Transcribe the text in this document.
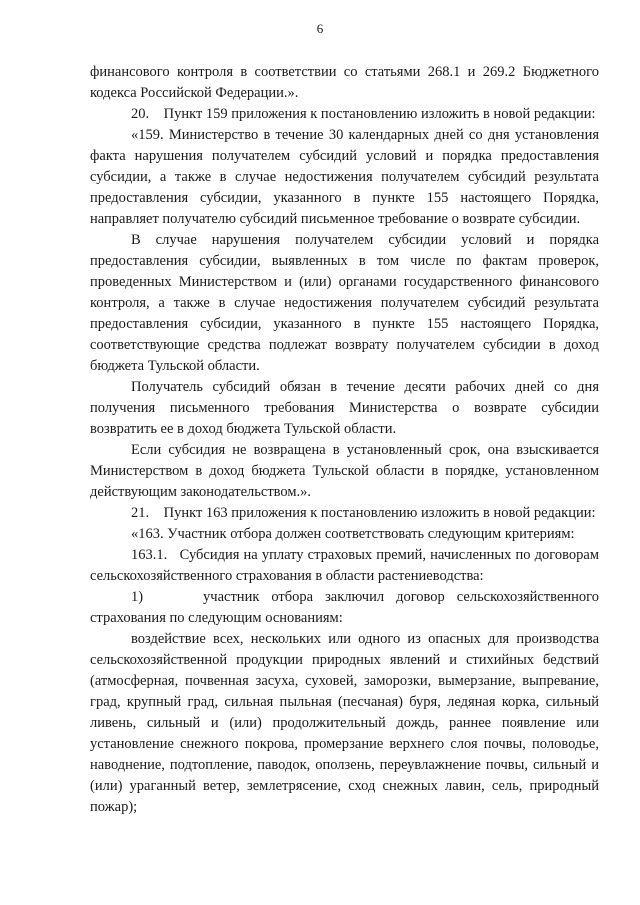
6

финансового контроля в соответствии со статьями 268.1 и 269.2 Бюджетного кодекса Российской Федерации.».

20.    Пункт 159 приложения к постановлению изложить в новой редакции:

«159. Министерство в течение 30 календарных дней со дня установления факта нарушения получателем субсидий условий и порядка предоставления субсидии, а также в случае недостижения получателем субсидий результата предоставления субсидии, указанного в пункте 155 настоящего Порядка, направляет получателю субсидий письменное требование о возврате субсидии.

В случае нарушения получателем субсидии условий и порядка предоставления субсидии, выявленных в том числе по фактам проверок, проведенных Министерством и (или) органами государственного финансового контроля, а также в случае недостижения получателем субсидий результата предоставления субсидии, указанного в пункте 155 настоящего Порядка, соответствующие средства подлежат возврату получателем субсидии в доход бюджета Тульской области.

Получатель субсидий обязан в течение десяти рабочих дней со дня получения письменного требования Министерства о возврате субсидии возвратить ее в доход бюджета Тульской области.

Если субсидия не возвращена в установленный срок, она взыскивается Министерством в доход бюджета Тульской области в порядке, установленном действующим законодательством.».

21.    Пункт 163 приложения к постановлению изложить в новой редакции:

«163. Участник отбора должен соответствовать следующим критериям:

163.1.   Субсидия на уплату страховых премий, начисленных по договорам сельскохозяйственного страхования в области растениеводства:

1)     участник отбора заключил договор сельскохозяйственного страхования по следующим основаниям:

воздействие всех, нескольких или одного из опасных для производства сельскохозяйственной продукции природных явлений и стихийных бедствий (атмосферная, почвенная засуха, суховей, заморозки, вымерзание, выпревание, град, крупный град, сильная пыльная (песчаная) буря, ледяная корка, сильный ливень, сильный и (или) продолжительный дождь, раннее появление или установление снежного покрова, промерзание верхнего слоя почвы, половодье, наводнение, подтопление, паводок, оползень, переувлажнение почвы, сильный и (или) ураганный ветер, землетрясение, сход снежных лавин, сель, природный пожар);
